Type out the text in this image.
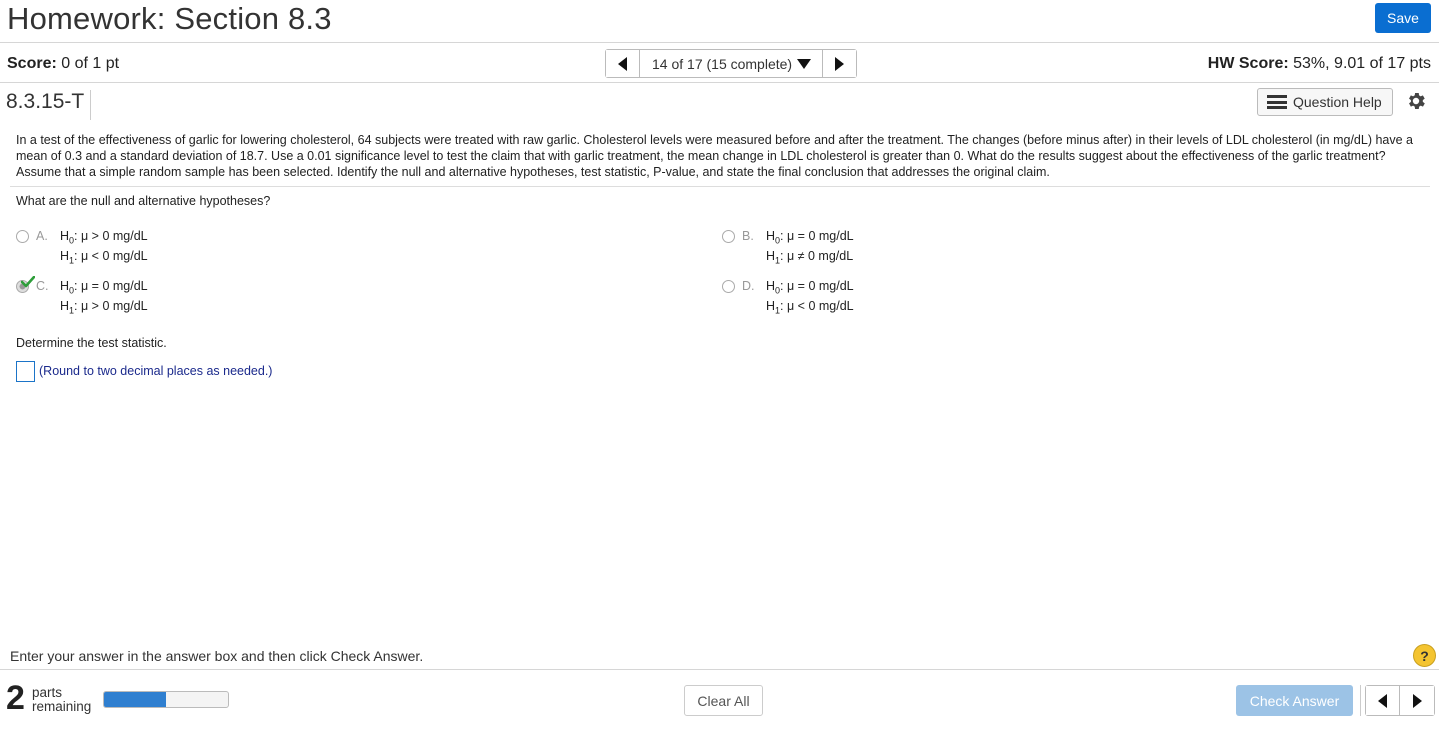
Homework: Section 8.3	Save
Score: 0 of 1 pt	14 of 17 (15 complete)	HW Score: 53%, 9.01 of 17 pts
8.3.15-T	Question Help
In a test of the effectiveness of garlic for lowering cholesterol, 64 subjects were treated with raw garlic. Cholesterol levels were measured before and after the treatment. The changes (before minus after) in their levels of LDL cholesterol (in mg/dL) have a mean of 0.3 and a standard deviation of 18.7. Use a 0.01 significance level to test the claim that with garlic treatment, the mean change in LDL cholesterol is greater than 0. What do the results suggest about the effectiveness of the garlic treatment? Assume that a simple random sample has been selected. Identify the null and alternative hypotheses, test statistic, P-value, and state the final conclusion that addresses the original claim.
What are the null and alternative hypotheses?
A. $H_0$: μ > 0 mg/dL
$H_1$: μ < 0 mg/dL
B. $H_0$: μ = 0 mg/dL
$H_1$: μ ≠ 0 mg/dL
C. $H_0$: μ = 0 mg/dL
$H_1$: μ > 0 mg/dL
D. $H_0$: μ = 0 mg/dL
$H_1$: μ < 0 mg/dL
Determine the test statistic.
(Round to two decimal places as needed.)
Enter your answer in the answer box and then click Check Answer.	?
2 parts
remaining	Clear All	Check Answer
